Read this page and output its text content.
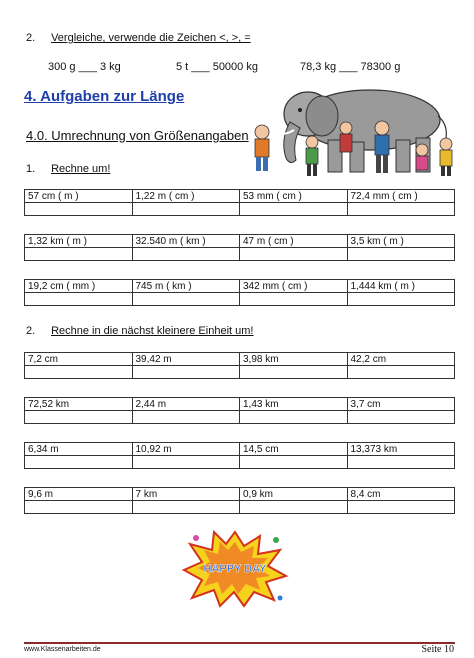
2. Vergleiche, verwende die Zeichen <, >, =
300 g ___ 3 kg	5 t ___ 50000 kg	78,3 kg ___ 78300 g
4. Aufgaben zur Länge
4.0. Umrechnung von Größenangaben
1. Rechne um!
57 cm ( m )	1,22 m ( cm )	53 mm ( cm )	72,4 mm ( cm )

1,32 km ( m )	32.540 m ( km )	47 m ( cm )	3,5 km ( m )

19,2 cm ( mm )	745 m ( km )	342 mm ( cm )	1,444 km ( m )

2. Rechne in die nächst kleinere Einheit um!
7,2 cm	39,42 m	3,98 km	42,2 cm

72,52 km	2,44 m	1,43 km	3,7 cm

6,34 m	10,92 m	14,5 cm	13,373 km

9,6 m	7 km	0,9 km	8,4 cm

HAPPY DAY
www.Klassenarbeiten.de	Seite 10
